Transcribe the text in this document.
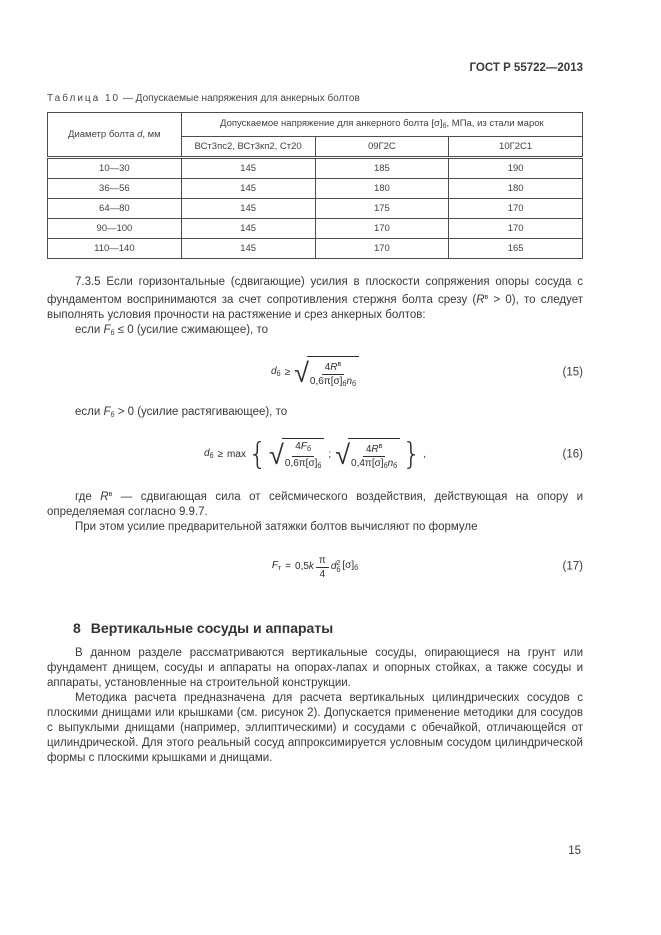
ГОСТ Р 55722—2013
Таблица 10 — Допускаемые напряжения для анкерных болтов
Диаметр болта d, мм	Допускаемое напряжение для анкерного болта $[\sigma]_б$, МПа, из стали марок		
	ВСт3пс2, ВСт3кп2, Ст20	09Г2С	10Г2С1
10—30	145	185	190
36—56	145	180	180
64—80	145	175	170
90—100	145	170	170
110—140	145	170	165

7.3.5 Если горизонтальные (сдвигающие) усилия в плоскости сопряжения опоры сосуда с фундаментом воспринимаются за счет сопротивления стержня болта срезу $(R^в > 0)$, то следует выполнять условия прочности на растяжение и срез анкерных болтов:

если Fб ≤ 0 (усилие сжимающее), то

$d_б$ ≥ √ $\frac{4R^в}{0,6\pi[\sigma]_бn_б}$	(15)

если Fб > 0 (усилие растягивающее), то

$d_б \ge \max$ { √ $\frac{4F_б}{0,6\pi[\sigma]_б}$ ; √ $\frac{4R^в}{0,4\pi[\sigma]_бn_б}$ } ,	(16)

где $R^в$ — сдвигающая сила от сейсмического воздействия, действующая на опору и определяемая согласно 9.9.7.

При этом усилие предварительной затяжки болтов вычисляют по формуле

$F_т = 0,5k \frac{\pi}{4}$ d 2
б $[\sigma]_б$	(17)
8 Вертикальные сосуды и аппараты

В данном разделе рассматриваются вертикальные сосуды, опирающиеся на грунт или фундамент днищем, сосуды и аппараты на опорах-лапах и опорных стойках, а также сосуды и аппараты, установленные на строительной конструкции.

Методика расчета предназначена для расчета вертикальных цилиндрических сосудов с плоскими днищами или крышками (см. рисунок 2). Допускается применение методики для сосудов с выпуклыми днищами (например, эллиптическими) и сосудами с обечайкой, отличающейся от цилиндрической. Для этого реальный сосуд аппроксимируется условным сосудом цилиндрической формы с плоскими крышками и днищами.

15
